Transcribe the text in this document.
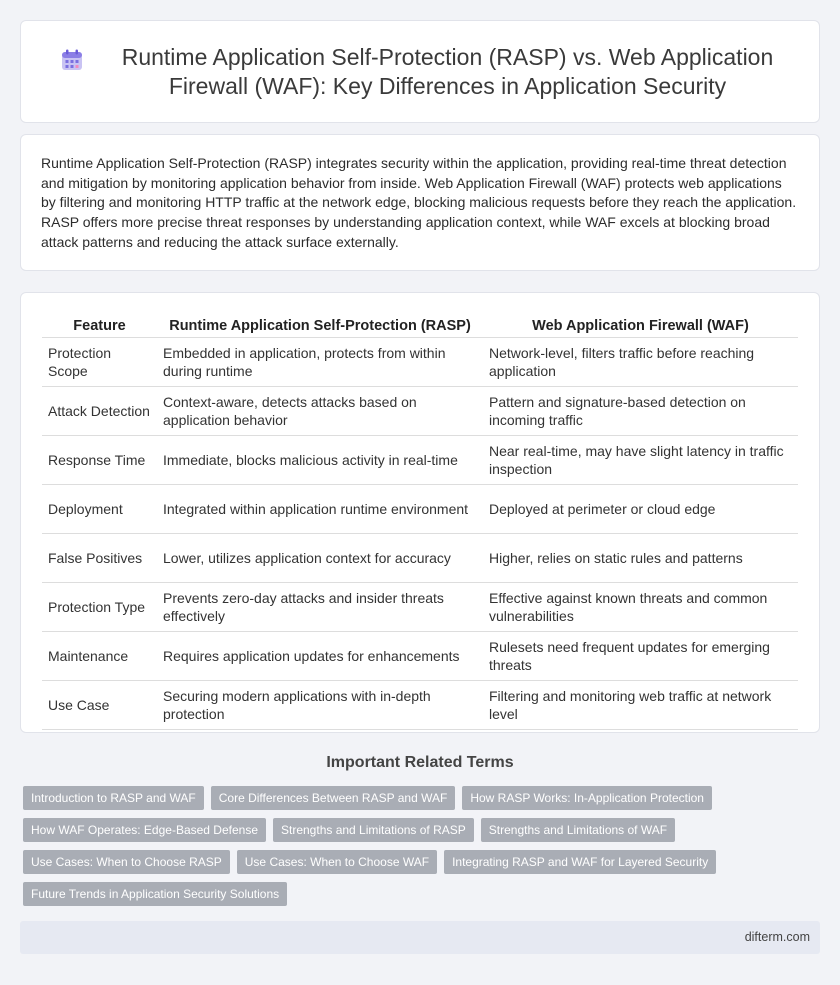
Runtime Application Self-Protection (RASP) vs. Web Application Firewall (WAF): Key Differences in Application Security

Runtime Application Self-Protection (RASP) integrates security within the application, providing real-time threat detection and mitigation by monitoring application behavior from inside. Web Application Firewall (WAF) protects web applications by filtering and monitoring HTTP traffic at the network edge, blocking malicious requests before they reach the application. RASP offers more precise threat responses by understanding application context, while WAF excels at blocking broad attack patterns and reducing the attack surface externally.

Feature	Runtime Application Self-Protection (RASP)	Web Application Firewall (WAF)
Protection Scope	Embedded in application, protects from within during runtime	Network-level, filters traffic before reaching application
Attack Detection	Context-aware, detects attacks based on application behavior	Pattern and signature-based detection on incoming traffic
Response Time	Immediate, blocks malicious activity in real-time	Near real-time, may have slight latency in traffic inspection
Deployment	Integrated within application runtime environment	Deployed at perimeter or cloud edge
False Positives	Lower, utilizes application context for accuracy	Higher, relies on static rules and patterns
Protection Type	Prevents zero-day attacks and insider threats effectively	Effective against known threats and common vulnerabilities
Maintenance	Requires application updates for enhancements	Rulesets need frequent updates for emerging threats
Use Case	Securing modern applications with in-depth protection	Filtering and monitoring web traffic at network level
Important Related Terms
Introduction to RASP and WAF	Core Differences Between RASP and WAF	How RASP Works: In-Application Protection
How WAF Operates: Edge-Based Defense	Strengths and Limitations of RASP	Strengths and Limitations of WAF
Use Cases: When to Choose RASP	Use Cases: When to Choose WAF	Integrating RASP and WAF for Layered Security
Future Trends in Application Security Solutions
difterm.com
